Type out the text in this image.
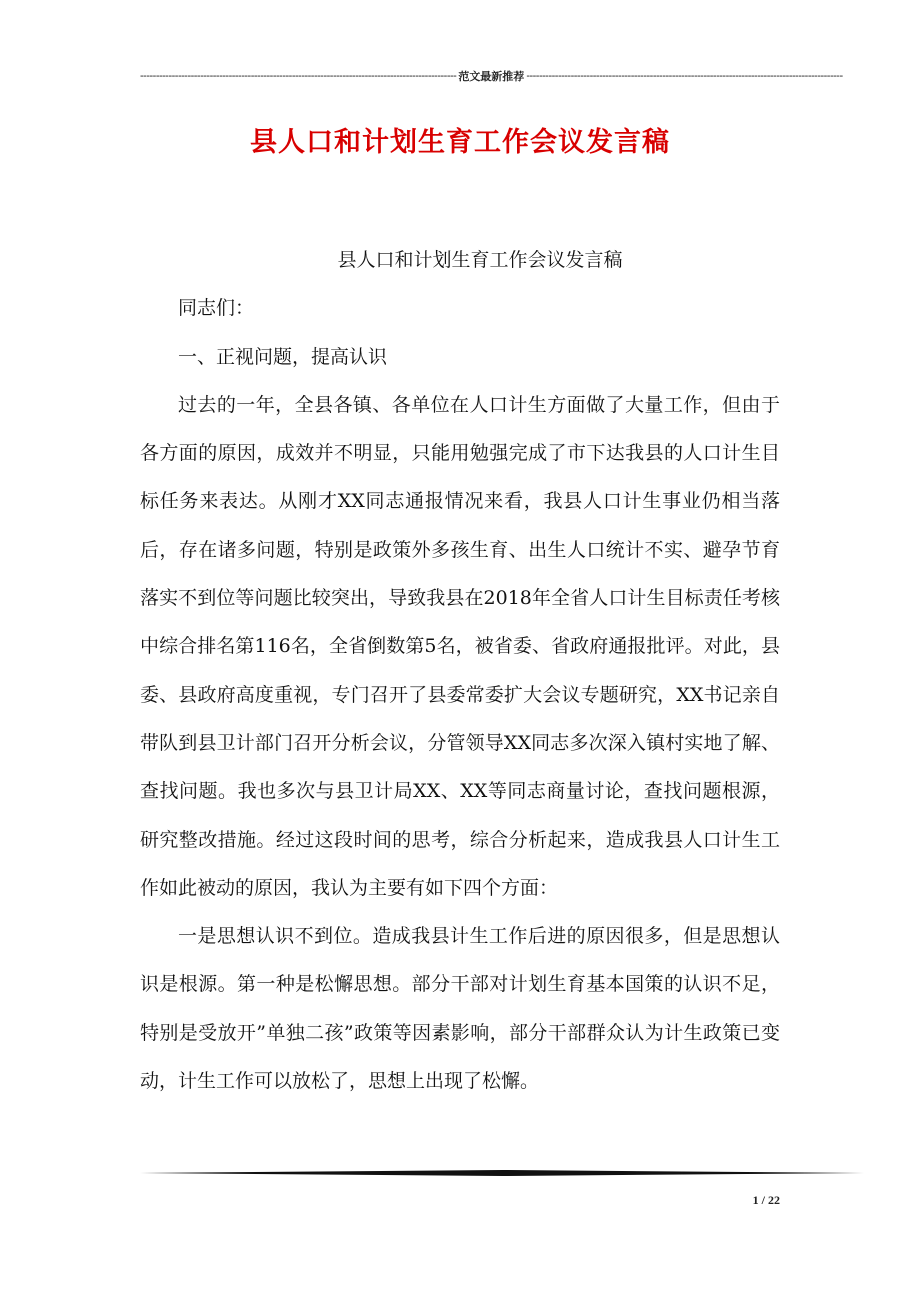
---------------------------------------------------------------------------------------------------- 范文最新推荐 ----------------------------------------------------------------------------------------------------
县人口和计划生育工作会议发言稿

县人口和计划生育工作会议发言稿

同志们：

一、正视问题，提高认识

过去的一年，全县各镇、各单位在人口计生方面做了大量工作，但由于各方面的原因，成效并不明显，只能用勉强完成了市下达我县的人口计生目标任务来表达。从刚才XX同志通报情况来看，我县人口计生事业仍相当落后，存在诸多问题，特别是政策外多孩生育、出生人口统计不实、避孕节育落实不到位等问题比较突出，导致我县在2018年全省人口计生目标责任考核中综合排名第116名，全省倒数第5名，被省委、省政府通报批评。对此，县委、县政府高度重视，专门召开了县委常委扩大会议专题研究，XX书记亲自带队到县卫计部门召开分析会议，分管领导XX同志多次深入镇村实地了解、查找问题。我也多次与县卫计局XX、XX等同志商量讨论，查找问题根源，研究整改措施。经过这段时间的思考，综合分析起来，造成我县人口计生工作如此被动的原因，我认为主要有如下四个方面：

一是思想认识不到位。造成我县计生工作后进的原因很多，但是思想认识是根源。第一种是松懈思想。部分干部对计划生育基本国策的认识不足，特别是受放开”单独二孩”政策等因素影响，部分干部群众认为计生政策已变动，计生工作可以放松了，思想上出现了松懈。

1 / 22
